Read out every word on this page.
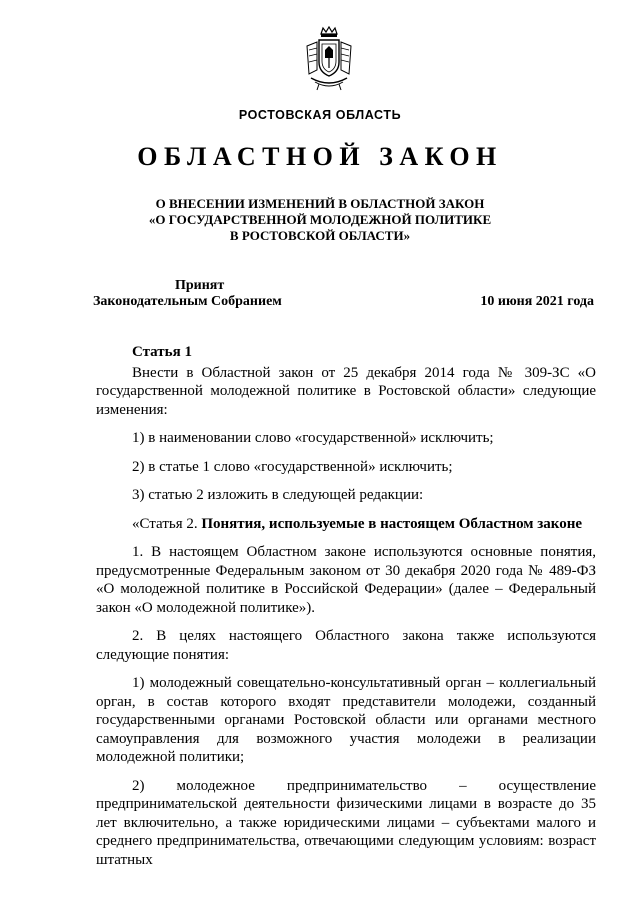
РОСТОВСКАЯ ОБЛАСТЬ
ОБЛАСТНОЙ ЗАКОН
О ВНЕСЕНИИ ИЗМЕНЕНИЙ В ОБЛАСТНОЙ ЗАКОН
«О ГОСУДАРСТВЕННОЙ МОЛОДЕЖНОЙ ПОЛИТИКЕ
В РОСТОВСКОЙ ОБЛАСТИ»
Принят
Законодательным Собранием	10 июня 2021 года

Статья 1

Внести в Областной закон от 25 декабря 2014 года № 309-ЗС «О государственной молодежной политике в Ростовской области» следующие изменения:

1) в наименовании слово «государственной» исключить;

2) в статье 1 слово «государственной» исключить;

3) статью 2 изложить в следующей редакции:

«Статья 2. Понятия, используемые в настоящем Областном законе

1. В настоящем Областном законе используются основные понятия, предусмотренные Федеральным законом от 30 декабря 2020 года № 489-ФЗ «О молодежной политике в Российской Федерации» (далее – Федеральный закон «О молодежной политике»).

2. В целях настоящего Областного закона также используются следующие понятия:

1) молодежный совещательно-консультативный орган – коллегиальный орган, в состав которого входят представители молодежи, созданный государственными органами Ростовской области или органами местного самоуправления для возможного участия молодежи в реализации молодежной политики;

2) молодежное предпринимательство – осуществление предпринимательской деятельности физическими лицами в возрасте до 35 лет включительно, а также юридическими лицами – субъектами малого и среднего предпринимательства, отвечающими следующим условиям: возраст штатных
